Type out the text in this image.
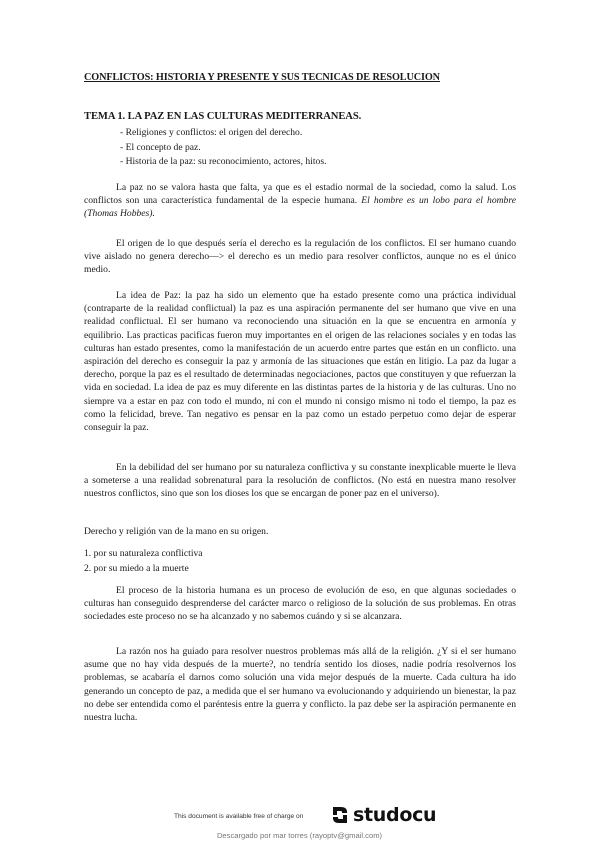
CONFLICTOS: HISTORIA Y PRESENTE Y SUS TECNICAS DE RESOLUCION
TEMA 1. LA PAZ EN LAS CULTURAS MEDITERRANEAS.
- Religiones y conflictos: el origen del derecho.
- El concepto de paz.
- Historia de la paz: su reconocimiento, actores, hitos.

La paz no se valora hasta que falta, ya que es el estadio normal de la sociedad, como la salud. Los conflictos son una característica fundamental de la especie humana. El hombre es un lobo para el hombre (Thomas Hobbes).

El origen de lo que después sería el derecho es la regulación de los conflictos. El ser humano cuando vive aislado no genera derecho—> el derecho es un medio para resolver conflictos, aunque no es el único medio.

La idea de Paz: la paz ha sido un elemento que ha estado presente como una práctica individual (contraparte de la realidad conflictual) la paz es una aspiración permanente del ser humano que vive en una realidad conflictual. El ser humano va reconociendo una situación en la que se encuentra en armonía y equilibrio. Las practicas pacificas fueron muy importantes en el origen de las relaciones sociales y en todas las culturas han estado presentes, como la manifestación de un acuerdo entre partes que están en un conflicto. una aspiración del derecho es conseguir la paz y armonía de las situaciones que están en litigio. La paz da lugar a derecho, porque la paz es el resultado de determinadas negociaciones, pactos que constituyen y que refuerzan la vida en sociedad. La idea de paz es muy diferente en las distintas partes de la historia y de las culturas. Uno no siempre va a estar en paz con todo el mundo, ni con el mundo ni consigo mismo ni todo el tiempo, la paz es como la felicidad, breve. Tan negativo es pensar en la paz como un estado perpetuo como dejar de esperar conseguir la paz.

En la debilidad del ser humano por su naturaleza conflictiva y su constante inexplicable muerte le lleva a someterse a una realidad sobrenatural para la resolución de conflictos. (No está en nuestra mano resolver nuestros conflictos, sino que son los dioses los que se encargan de poner paz en el universo).

Derecho y religión van de la mano en su origen.
1. por su naturaleza conflictiva
2. por su miedo a la muerte

El proceso de la historia humana es un proceso de evolución de eso, en que algunas sociedades o culturas han conseguido desprenderse del carácter marco o religioso de la solución de sus problemas. En otras sociedades este proceso no se ha alcanzado y no sabemos cuándo y si se alcanzara.

La razón nos ha guiado para resolver nuestros problemas más allá de la religión. ¿Y si el ser humano asume que no hay vida después de la muerte?, no tendría sentido los dioses, nadie podría resolvernos los problemas, se acabaría el darnos como solución una vida mejor después de la muerte. Cada cultura ha ido generando un concepto de paz, a medida que el ser humano va evolucionando y adquiriendo un bienestar, la paz no debe ser entendida como el paréntesis entre la guerra y conflicto. la paz debe ser la aspiración permanente en nuestra lucha.

This document is available free of charge on	studocu
Descargado por mar torres (rayoptv@gmail.com)
